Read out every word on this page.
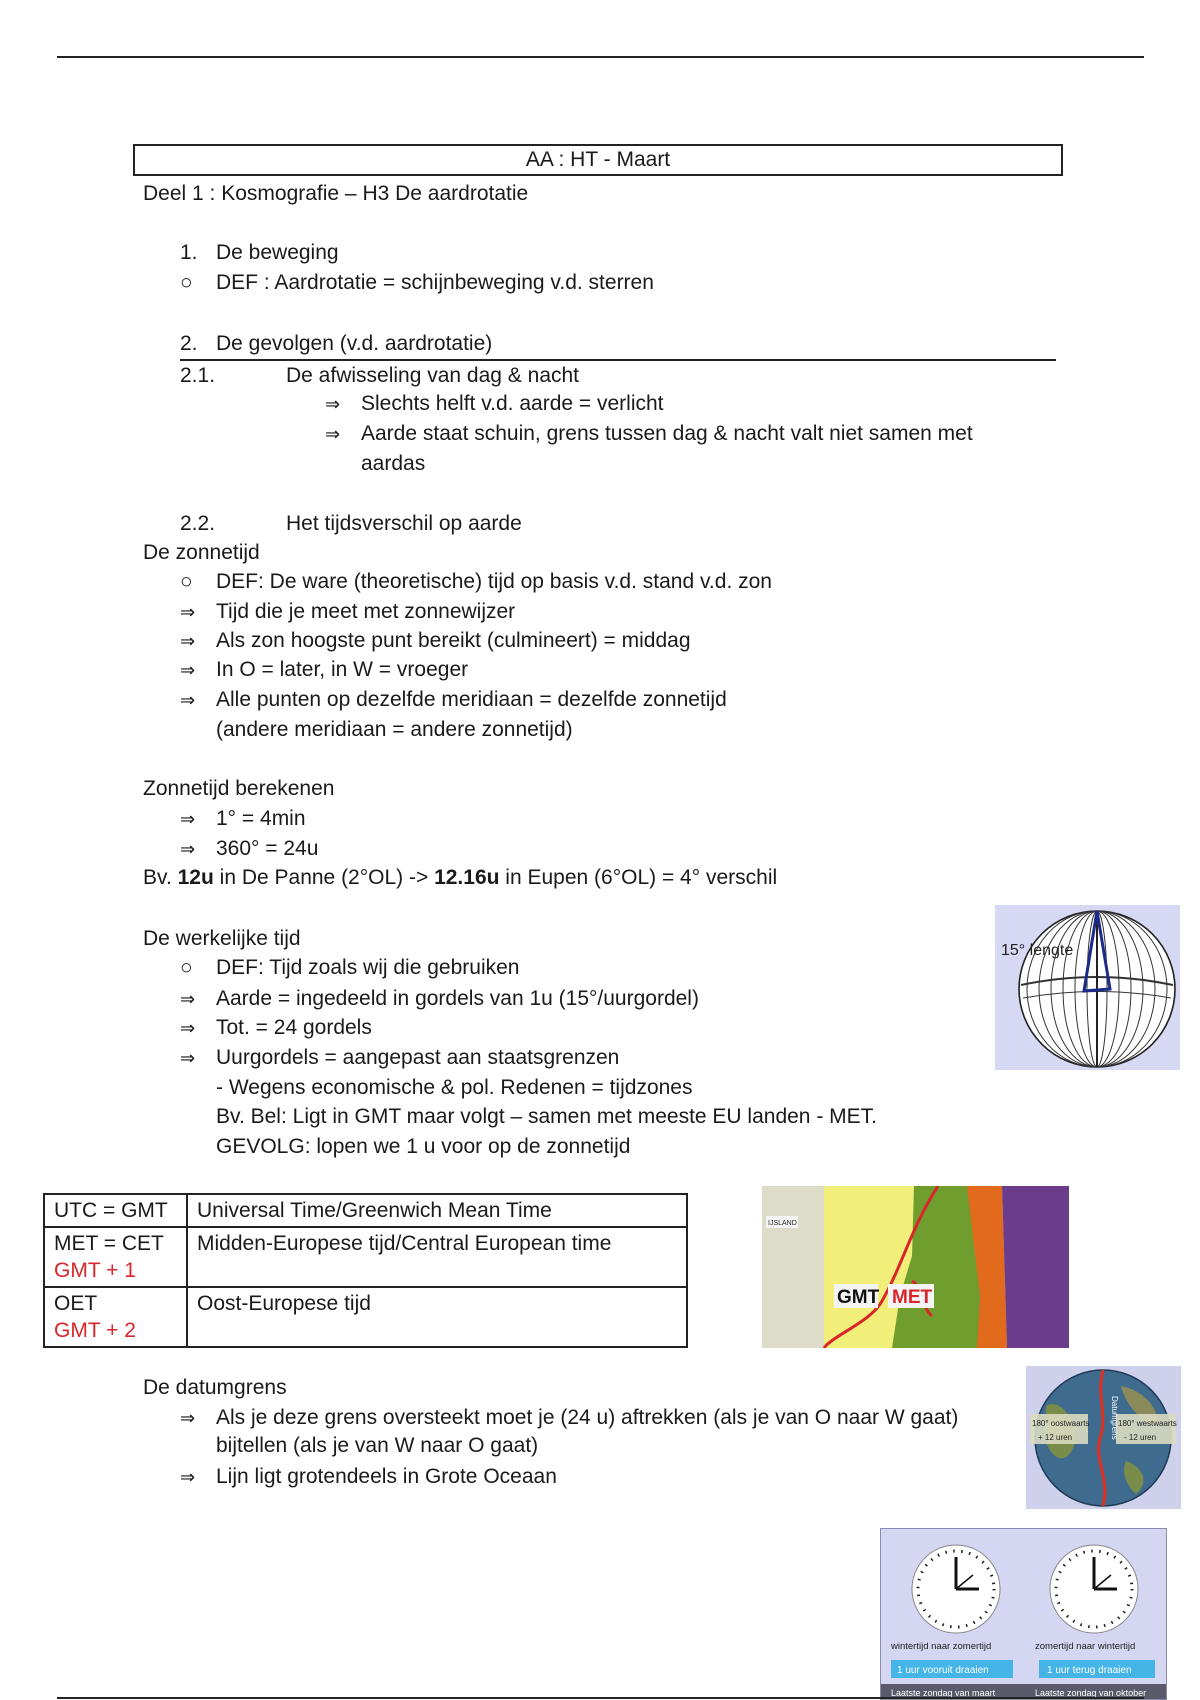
AA : HT - Maart
Deel 1 : Kosmografie – H3 De aardrotatie
1. De beweging
○ DEF : Aardrotatie = schijnbeweging v.d. sterren
2. De gevolgen (v.d. aardrotatie)
2.1.	De afwisseling van dag & nacht
⇒ Slechts helft v.d. aarde = verlicht
⇒ Aarde staat schuin, grens tussen dag & nacht valt niet samen met
aardas
2.2.	Het tijdsverschil op aarde
De zonnetijd
○ DEF: De ware (theoretische) tijd op basis v.d. stand v.d. zon
⇒ Tijd die je meet met zonnewijzer
⇒ Als zon hoogste punt bereikt (culmineert) = middag
⇒ In O = later, in W = vroeger
⇒ Alle punten op dezelfde meridiaan = dezelfde zonnetijd
(andere meridiaan = andere zonnetijd)
Zonnetijd berekenen
⇒ 1° = 4min
⇒ 360° = 24u
Bv. 12u in De Panne (2°OL) -> 12.16u in Eupen (6°OL) = 4° verschil
De werkelijke tijd
○ DEF: Tijd zoals wij die gebruiken
⇒ Aarde = ingedeeld in gordels van 1u (15°/uurgordel)
⇒ Tot. = 24 gordels
⇒ Uurgordels = aangepast aan staatsgrenzen
- Wegens economische & pol. Redenen = tijdzones
Bv. Bel: Ligt in GMT maar volgt – samen met meeste EU landen - MET.
GEVOLG: lopen we 1 u voor op de zonnetijd
UTC = GMT	Universal Time/Greenwich Mean Time

MET = CET
GMT + 1	Midden-Europese tijd/Central European time

OET
GMT + 2	Oost-Europese tijd
De datumgrens
⇒ Als je deze grens oversteekt moet je (24 u) aftrekken (als je van O naar W gaat)
bijtellen (als je van W naar O gaat)
⇒ Lijn ligt grotendeels in Grote Oceaan
15° lengte
IJSLAND
GMT MET
180° oostwaarts
+ 12 uren
180° westwaarts
- 12 uren
Datumgrens
wintertijd naar zomertijd	zomertijd naar wintertijd
1 uur vooruit draaien	1 uur terug draaien
Laatste zondag van maart	Laatste zondag van oktober
